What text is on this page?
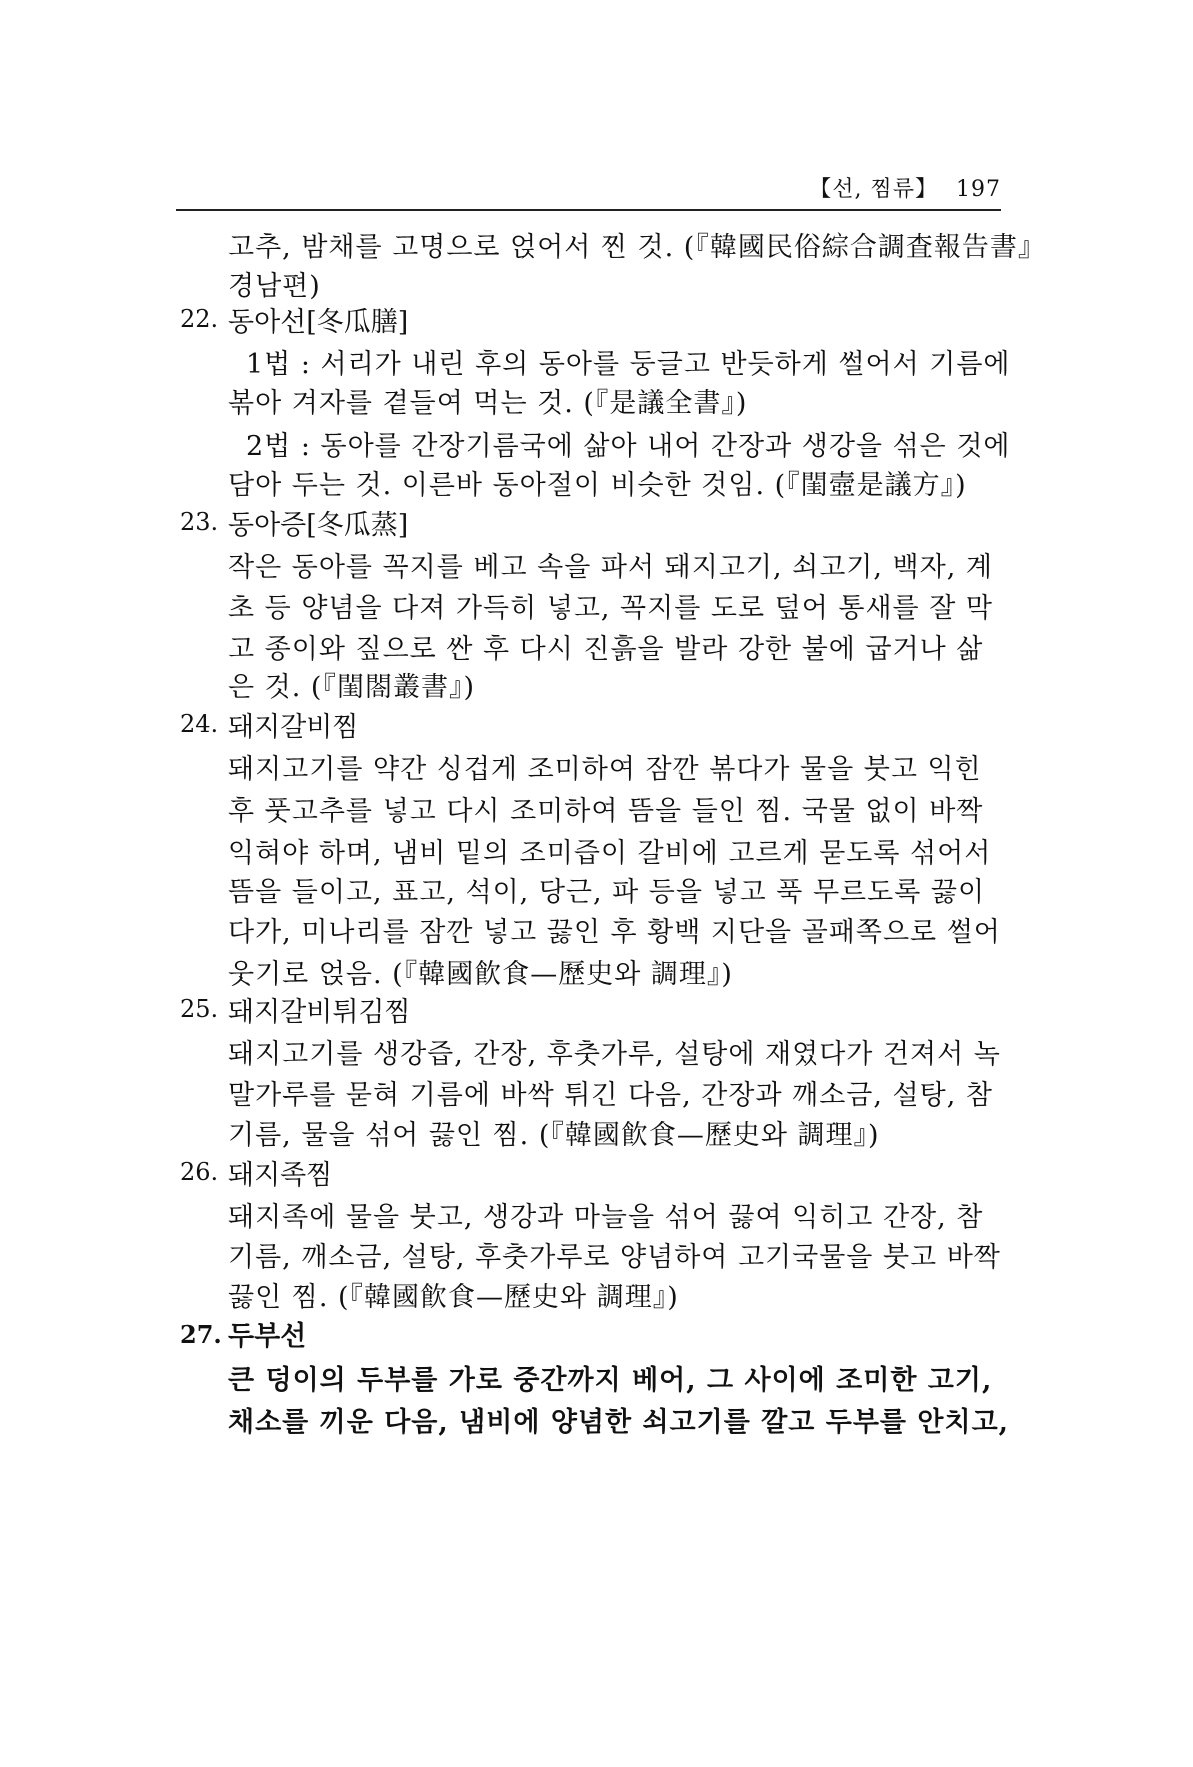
【선, 찜류】 197
고추, 밤채를 고명으로 얹어서 찐 것. (『韓國民俗綜合調査報告書』
경남편)
22. 동아선[冬瓜膳]
1법 : 서리가 내린 후의 동아를 둥글고 반듯하게 썰어서 기름에
볶아 겨자를 곁들여 먹는 것. (『是議全書』)
2법 : 동아를 간장기름국에 삶아 내어 간장과 생강을 섞은 것에
담아 두는 것. 이른바 동아절이 비슷한 것임. (『閨壼是議方』)
23. 동아증[冬瓜蒸]
작은 동아를 꼭지를 베고 속을 파서 돼지고기, 쇠고기, 백자, 계
초 등 양념을 다져 가득히 넣고, 꼭지를 도로 덮어 통새를 잘 막
고 종이와 짚으로 싼 후 다시 진흙을 발라 강한 불에 굽거나 삶
은 것. (『閨閤叢書』)
24. 돼지갈비찜
돼지고기를 약간 싱겁게 조미하여 잠깐 볶다가 물을 붓고 익힌
후 풋고추를 넣고 다시 조미하여 뜸을 들인 찜. 국물 없이 바짝
익혀야 하며, 냄비 밑의 조미즙이 갈비에 고르게 묻도록 섞어서
뜸을 들이고, 표고, 석이, 당근, 파 등을 넣고 푹 무르도록 끓이
다가, 미나리를 잠깐 넣고 끓인 후 황백 지단을 골패쪽으로 썰어
웃기로 얹음. (『韓國飮食—歷史와 調理』)
25. 돼지갈비튀김찜
돼지고기를 생강즙, 간장, 후춧가루, 설탕에 재였다가 건져서 녹
말가루를 묻혀 기름에 바싹 튀긴 다음, 간장과 깨소금, 설탕, 참
기름, 물을 섞어 끓인 찜. (『韓國飮食—歷史와 調理』)
26. 돼지족찜
돼지족에 물을 붓고, 생강과 마늘을 섞어 끓여 익히고 간장, 참
기름, 깨소금, 설탕, 후춧가루로 양념하여 고기국물을 붓고 바짝
끓인 찜. (『韓國飮食—歷史와 調理』)
27. 두부선
큰 덩이의 두부를 가로 중간까지 베어, 그 사이에 조미한 고기,
채소를 끼운 다음, 냄비에 양념한 쇠고기를 깔고 두부를 안치고,
